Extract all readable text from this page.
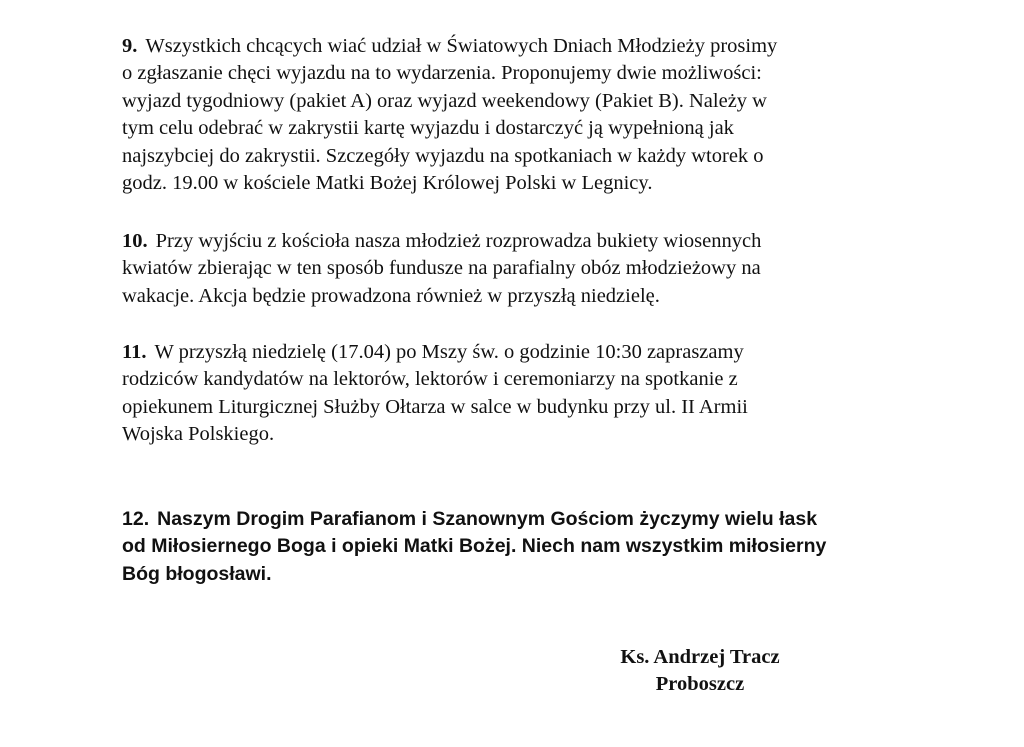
9. Wszystkich chcących wiać udział w Światowych Dniach Młodzieży prosimy
o zgłaszanie chęci wyjazdu na to wydarzenia. Proponujemy dwie możliwości:
wyjazd tygodniowy (pakiet A) oraz wyjazd weekendowy (Pakiet B). Należy w
tym celu odebrać w zakrystii kartę wyjazdu i dostarczyć ją wypełnioną jak
najszybciej do zakrystii. Szczegóły wyjazdu na spotkaniach w każdy wtorek o
godz. 19.00 w kościele Matki Bożej Królowej Polski w Legnicy.
10. Przy wyjściu z kościoła nasza młodzież rozprowadza bukiety wiosennych
kwiatów zbierając w ten sposób fundusze na parafialny obóz młodzieżowy na
wakacje. Akcja będzie prowadzona również w przyszłą niedzielę.
11. W przyszłą niedzielę (17.04) po Mszy św. o godzinie 10:30 zapraszamy
rodziców kandydatów na lektorów, lektorów i ceremoniarzy na spotkanie z
opiekunem Liturgicznej Służby Ołtarza w salce w budynku przy ul. II Armii
Wojska Polskiego.
12. Naszym Drogim Parafianom i Szanownym Gościom życzymy wielu łask
od Miłosiernego Boga i opieki Matki Bożej. Niech nam wszystkim miłosierny
Bóg błogosławi.
Ks. Andrzej Tracz
Proboszcz
